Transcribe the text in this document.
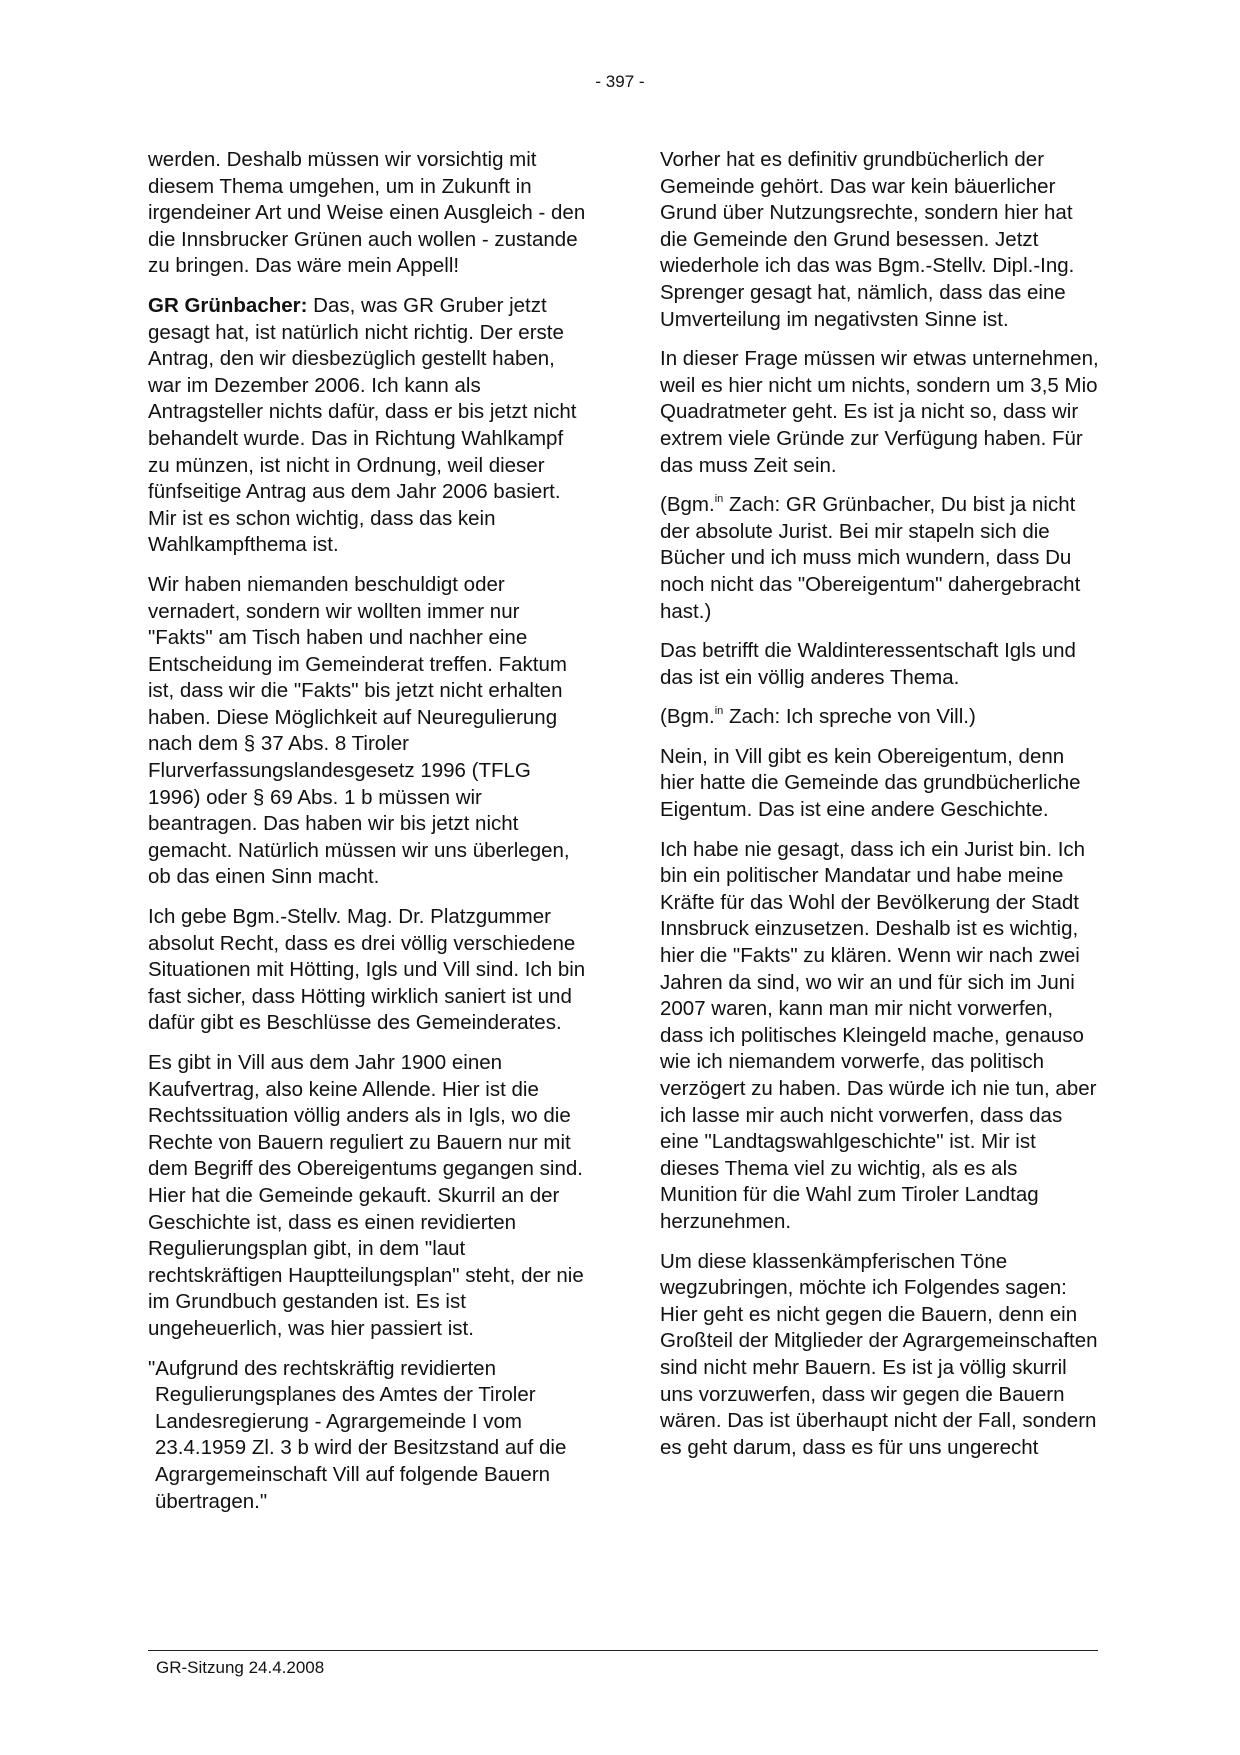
- 397 -

werden. Deshalb müssen wir vorsichtig mit diesem Thema umgehen, um in Zukunft in irgendeiner Art und Weise einen Ausgleich - den die Innsbrucker Grünen auch wollen - zustande zu bringen. Das wäre mein Appell!

GR Grünbacher: Das, was GR Gruber jetzt gesagt hat, ist natürlich nicht richtig. Der erste Antrag, den wir diesbezüglich gestellt haben, war im Dezember 2006. Ich kann als Antragsteller nichts dafür, dass er bis jetzt nicht behandelt wurde. Das in Richtung Wahlkampf zu münzen, ist nicht in Ordnung, weil dieser fünfseitige Antrag aus dem Jahr 2006 basiert. Mir ist es schon wichtig, dass das kein Wahlkampfthema ist.

Wir haben niemanden beschuldigt oder vernadert, sondern wir wollten immer nur "Fakts" am Tisch haben und nachher eine Entscheidung im Gemeinderat treffen. Faktum ist, dass wir die "Fakts" bis jetzt nicht erhalten haben. Diese Möglichkeit auf Neuregulierung nach dem § 37 Abs. 8 Tiroler Flurverfassungslandesgesetz 1996 (TFLG 1996) oder § 69 Abs. 1 b müssen wir beantragen. Das haben wir bis jetzt nicht gemacht. Natürlich müssen wir uns überlegen, ob das einen Sinn macht.

Ich gebe Bgm.-Stellv. Mag. Dr. Platzgummer absolut Recht, dass es drei völlig verschiedene Situationen mit Hötting, Igls und Vill sind. Ich bin fast sicher, dass Hötting wirklich saniert ist und dafür gibt es Beschlüsse des Gemeinderates.

Es gibt in Vill aus dem Jahr 1900 einen Kaufvertrag, also keine Allende. Hier ist die Rechtssituation völlig anders als in Igls, wo die Rechte von Bauern reguliert zu Bauern nur mit dem Begriff des Obereigentums gegangen sind. Hier hat die Gemeinde gekauft. Skurril an der Geschichte ist, dass es einen revidierten Regulierungsplan gibt, in dem "laut rechtskräftigen Hauptteilungsplan" steht, der nie im Grundbuch gestanden ist. Es ist ungeheuerlich, was hier passiert ist.

"Aufgrund des rechtskräftig revidierten Regulierungsplanes des Amtes der Tiroler Landesregierung - Agrargemeinde I vom 23.4.1959 Zl. 3 b wird der Besitzstand auf die Agrargemeinschaft Vill auf folgende Bauern übertragen."

Vorher hat es definitiv grundbücherlich der Gemeinde gehört. Das war kein bäuerlicher Grund über Nutzungsrechte, sondern hier hat die Gemeinde den Grund besessen. Jetzt wiederhole ich das was Bgm.-Stellv. Dipl.-Ing. Sprenger gesagt hat, nämlich, dass das eine Umverteilung im negativsten Sinne ist.

In dieser Frage müssen wir etwas unternehmen, weil es hier nicht um nichts, sondern um 3,5 Mio Quadratmeter geht. Es ist ja nicht so, dass wir extrem viele Gründe zur Verfügung haben. Für das muss Zeit sein.

(Bgm.$^{in}$ Zach: GR Grünbacher, Du bist ja nicht der absolute Jurist. Bei mir stapeln sich die Bücher und ich muss mich wundern, dass Du noch nicht das "Obereigentum" dahergebracht hast.)

Das betrifft die Waldinteressentschaft Igls und das ist ein völlig anderes Thema.

(Bgm.$^{in}$ Zach: Ich spreche von Vill.)

Nein, in Vill gibt es kein Obereigentum, denn hier hatte die Gemeinde das grundbücherliche Eigentum. Das ist eine andere Geschichte.

Ich habe nie gesagt, dass ich ein Jurist bin. Ich bin ein politischer Mandatar und habe meine Kräfte für das Wohl der Bevölkerung der Stadt Innsbruck einzusetzen. Deshalb ist es wichtig, hier die "Fakts" zu klären. Wenn wir nach zwei Jahren da sind, wo wir an und für sich im Juni 2007 waren, kann man mir nicht vorwerfen, dass ich politisches Kleingeld mache, genauso wie ich niemandem vorwerfe, das politisch verzögert zu haben. Das würde ich nie tun, aber ich lasse mir auch nicht vorwerfen, dass das eine "Landtagswahlgeschichte" ist. Mir ist dieses Thema viel zu wichtig, als es als Munition für die Wahl zum Tiroler Landtag herzunehmen.

Um diese klassenkämpferischen Töne wegzubringen, möchte ich Folgendes sagen: Hier geht es nicht gegen die Bauern, denn ein Großteil der Mitglieder der Agrargemeinschaften sind nicht mehr Bauern. Es ist ja völlig skurril uns vorzuwerfen, dass wir gegen die Bauern wären. Das ist überhaupt nicht der Fall, sondern es geht darum, dass es für uns ungerecht

GR-Sitzung 24.4.2008
